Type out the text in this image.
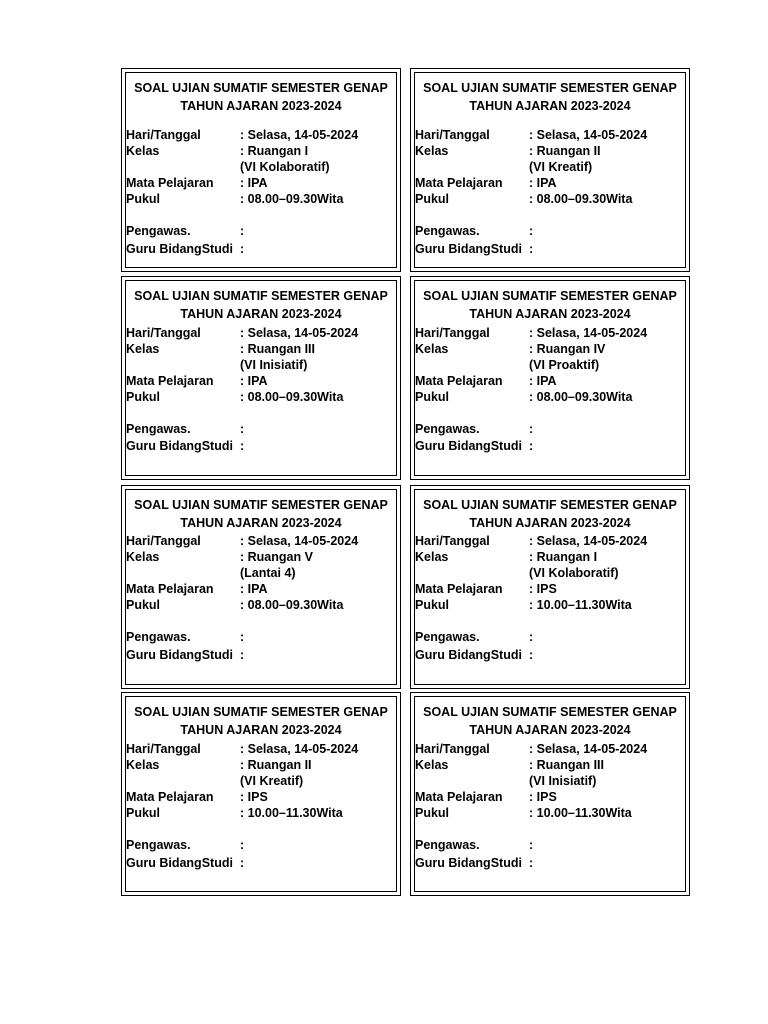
SOAL UJIAN SUMATIF SEMESTER GENAP
TAHUN AJARAN 2023-2024
Hari/Tanggal	: Selasa, 14-05-2024
Kelas	: Ruangan I
(VI Kolaboratif)
Mata Pelajaran : IPA
Pukul	: 08.00–09.30Wita
Pengawas.	:
Guru BidangStudi :
SOAL UJIAN SUMATIF SEMESTER GENAP
TAHUN AJARAN 2023-2024
Hari/Tanggal	: Selasa, 14-05-2024
Kelas	: Ruangan II
(VI Kreatif)
Mata Pelajaran : IPA
Pukul	: 08.00–09.30Wita
Pengawas.	:
Guru BidangStudi :
SOAL UJIAN SUMATIF SEMESTER GENAP
TAHUN AJARAN 2023-2024
Hari/Tanggal	: Selasa, 14-05-2024
Kelas	: Ruangan III
(VI Inisiatif)
Mata Pelajaran : IPA
Pukul	: 08.00–09.30Wita
Pengawas.	:
Guru BidangStudi :
SOAL UJIAN SUMATIF SEMESTER GENAP
TAHUN AJARAN 2023-2024
Hari/Tanggal	: Selasa, 14-05-2024
Kelas	: Ruangan IV
(VI Proaktif)
Mata Pelajaran : IPA
Pukul	: 08.00–09.30Wita
Pengawas.	:
Guru BidangStudi :
SOAL UJIAN SUMATIF SEMESTER GENAP
TAHUN AJARAN 2023-2024
Hari/Tanggal	: Selasa, 14-05-2024
Kelas	: Ruangan V
(Lantai 4)
Mata Pelajaran : IPA
Pukul	: 08.00–09.30Wita
Pengawas.	:
Guru BidangStudi :
SOAL UJIAN SUMATIF SEMESTER GENAP
TAHUN AJARAN 2023-2024
Hari/Tanggal	: Selasa, 14-05-2024
Kelas	: Ruangan I
(VI Kolaboratif)
Mata Pelajaran : IPS
Pukul	: 10.00–11.30Wita
Pengawas.	:
Guru BidangStudi :
SOAL UJIAN SUMATIF SEMESTER GENAP
TAHUN AJARAN 2023-2024
Hari/Tanggal	: Selasa, 14-05-2024
Kelas	: Ruangan II
(VI Kreatif)
Mata Pelajaran : IPS
Pukul	: 10.00–11.30Wita
Pengawas.	:
Guru BidangStudi :
SOAL UJIAN SUMATIF SEMESTER GENAP
TAHUN AJARAN 2023-2024
Hari/Tanggal	: Selasa, 14-05-2024
Kelas	: Ruangan III
(VI Inisiatif)
Mata Pelajaran : IPS
Pukul	: 10.00–11.30Wita
Pengawas.	:
Guru BidangStudi :
